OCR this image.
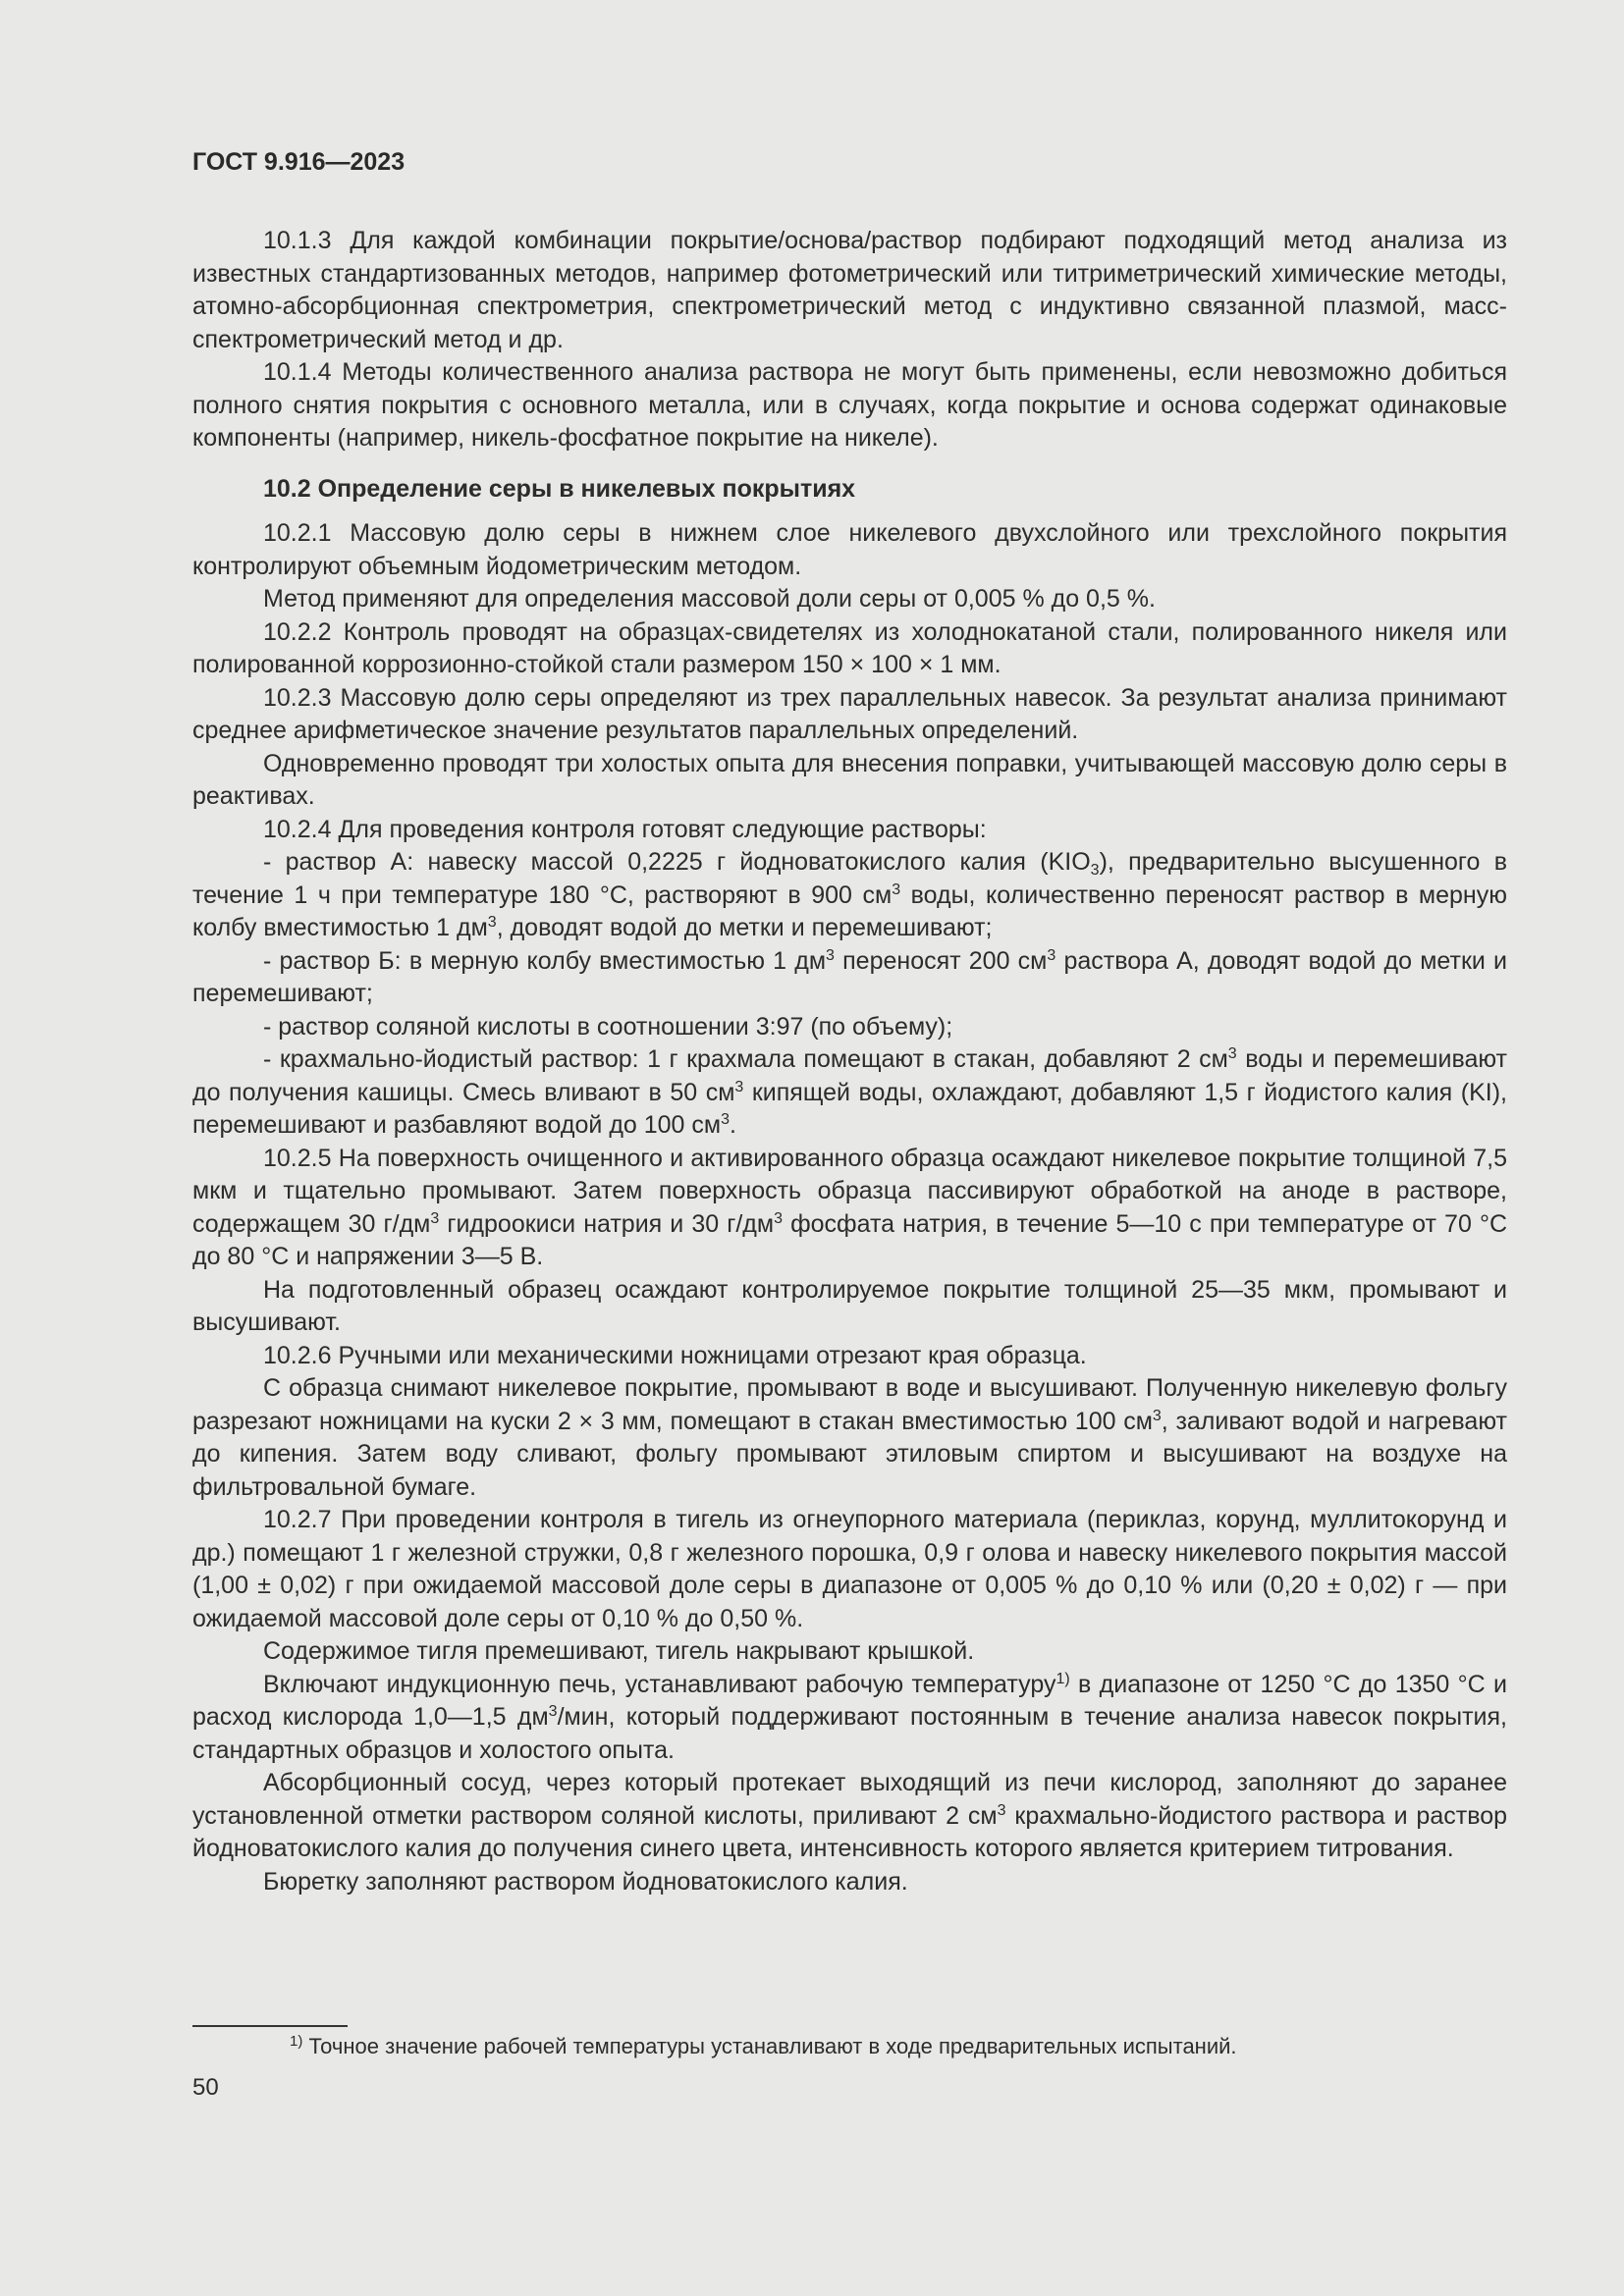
ГОСТ 9.916—2023

10.1.3 Для каждой комбинации покрытие/основа/раствор подбирают подходящий метод анализа из известных стандартизованных методов, например фотометрический или титриметрический химические методы, атомно-абсорбционная спектрометрия, спектрометрический метод с индуктивно связанной плазмой, масс-спектрометрический метод и др.

10.1.4 Методы количественного анализа раствора не могут быть применены, если невозможно добиться полного снятия покрытия с основного металла, или в случаях, когда покрытие и основа содержат одинаковые компоненты (например, никель-фосфатное покрытие на никеле).

10.2 Определение серы в никелевых покрытиях

10.2.1 Массовую долю серы в нижнем слое никелевого двухслойного или трехслойного покрытия контролируют объемным йодометрическим методом.

Метод применяют для определения массовой доли серы от 0,005 % до 0,5 %.

10.2.2 Контроль проводят на образцах-свидетелях из холоднокатаной стали, полированного никеля или полированной коррозионно-стойкой стали размером 150 × 100 × 1 мм.

10.2.3 Массовую долю серы определяют из трех параллельных навесок. За результат анализа принимают среднее арифметическое значение результатов параллельных определений.

Одновременно проводят три холостых опыта для внесения поправки, учитывающей массовую долю серы в реактивах.

10.2.4 Для проведения контроля готовят следующие растворы:

- раствор А: навеску массой 0,2225 г йодноватокислого калия $(KIO_3)$, предварительно высушенного в течение 1 ч при температуре 180 °С, растворяют в 900 $см^3$ воды, количественно переносят раствор в мерную колбу вместимостью 1 $дм^3$, доводят водой до метки и перемешивают;

- раствор Б: в мерную колбу вместимостью 1 $дм^3$ переносят 200 $см^3$ раствора А, доводят водой до метки и перемешивают;

- раствор соляной кислоты в соотношении 3:97 (по объему);

- крахмально-йодистый раствор: 1 г крахмала помещают в стакан, добавляют 2 $см^3$ воды и перемешивают до получения кашицы. Смесь вливают в 50 $см^3$ кипящей воды, охлаждают, добавляют 1,5 г йодистого калия (KI), перемешивают и разбавляют водой до 100 $см^3$.

10.2.5 На поверхность очищенного и активированного образца осаждают никелевое покрытие толщиной 7,5 мкм и тщательно промывают. Затем поверхность образца пассивируют обработкой на аноде в растворе, содержащем 30 $г/дм^3$ гидроокиси натрия и 30 $г/дм^3$ фосфата натрия, в течение 5—10 с при температуре от 70 °С до 80 °С и напряжении 3—5 В.

На подготовленный образец осаждают контролируемое покрытие толщиной 25—35 мкм, промывают и высушивают.

10.2.6 Ручными или механическими ножницами отрезают края образца.

С образца снимают никелевое покрытие, промывают в воде и высушивают. Полученную никелевую фольгу разрезают ножницами на куски 2 × 3 мм, помещают в стакан вместимостью 100 $см^3$, заливают водой и нагревают до кипения. Затем воду сливают, фольгу промывают этиловым спиртом и высушивают на воздухе на фильтровальной бумаге.

10.2.7 При проведении контроля в тигель из огнеупорного материала (периклаз, корунд, муллитокорунд и др.) помещают 1 г железной стружки, 0,8 г железного порошка, 0,9 г олова и навеску никелевого покрытия массой (1,00 ± 0,02) г при ожидаемой массовой доле серы в диапазоне от 0,005 % до 0,10 % или (0,20 ± 0,02) г — при ожидаемой массовой доле серы от 0,10 % до 0,50 %.

Содержимое тигля премешивают, тигель накрывают крышкой.

Включают индукционную печь, устанавливают рабочую температуру$^{1)}$ в диапазоне от 1250 °С до 1350 °С и расход кислорода 1,0—1,5 $дм^3$/мин, который поддерживают постоянным в течение анализа навесок покрытия, стандартных образцов и холостого опыта.

Абсорбционный сосуд, через который протекает выходящий из печи кислород, заполняют до заранее установленной отметки раствором соляной кислоты, приливают 2 $см^3$ крахмально-йодистого раствора и раствор йодноватокислого калия до получения синего цвета, интенсивность которого является критерием титрования.

Бюретку заполняют раствором йодноватокислого калия.

$^{1)}$ Точное значение рабочей температуры устанавливают в ходе предварительных испытаний.
50
